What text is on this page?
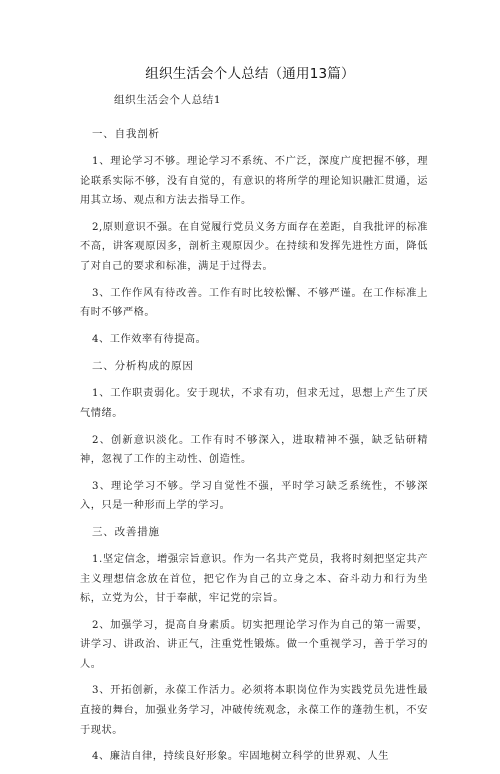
组织生活会个人总结（通用13篇）
组织生活会个人总结1
一、自我剖析

1、理论学习不够。理论学习不系统、不广泛，深度广度把握不够，理论联系实际不够，没有自觉的，有意识的将所学的理论知识融汇贯通，运用其立场、观点和方法去指导工作。

2,原则意识不强。在自觉履行党员义务方面存在差距，自我批评的标准不高，讲客观原因多，剖析主观原因少。在持续和发挥先进性方面，降低了对自己的要求和标准，满足于过得去。

3、工作作风有待改善。工作有时比较松懈、不够严谨。在工作标准上有时不够严格。

4、工作效率有待提高。

二、分析构成的原因

1、工作职责弱化。安于现状，不求有功，但求无过，思想上产生了厌气情绪。

2、创新意识淡化。工作有时不够深入，进取精神不强，缺乏钻研精神，忽视了工作的主动性、创造性。

3、理论学习不够。学习自觉性不强，平时学习缺乏系统性，不够深入，只是一种形而上学的学习。

三、改善措施

1.坚定信念，增强宗旨意识。作为一名共产党员，我将时刻把坚定共产主义理想信念放在首位，把它作为自己的立身之本、奋斗动力和行为坐标，立党为公，甘于奉献，牢记党的宗旨。

2、加强学习，提高自身素质。切实把理论学习作为自己的第一需要，讲学习、讲政治、讲正气，注重党性锻炼。做一个重视学习，善于学习的人。

3、开拓创新，永葆工作活力。必须将本职岗位作为实践党员先进性最直接的舞台，加强业务学习，冲破传统观念，永葆工作的蓬勃生机，不安于现状。

4、廉洁自律，持续良好形象。牢固地树立科学的世界观、人生
